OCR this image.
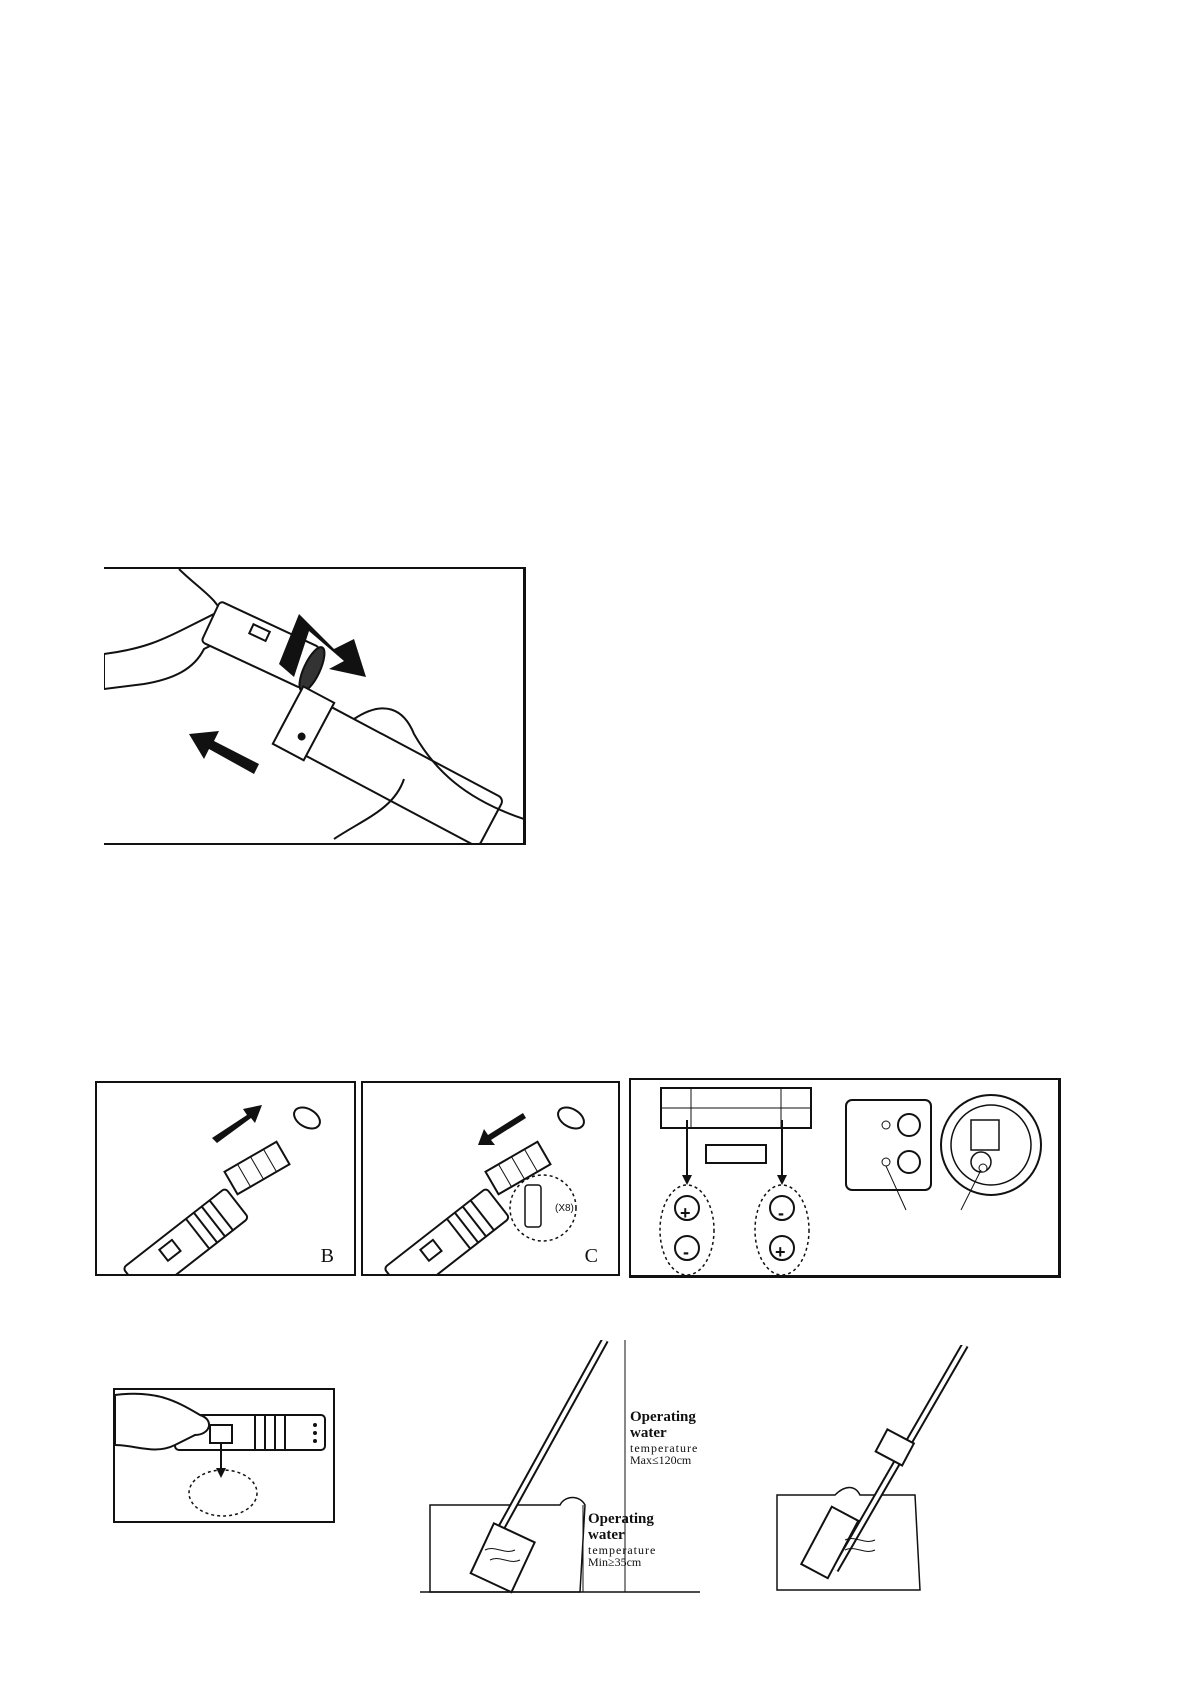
B
(X8)
C
+
-
-
+
Operating
water
temperature
Min≥35cm
Operating
water
temperature
Max≤120cm
